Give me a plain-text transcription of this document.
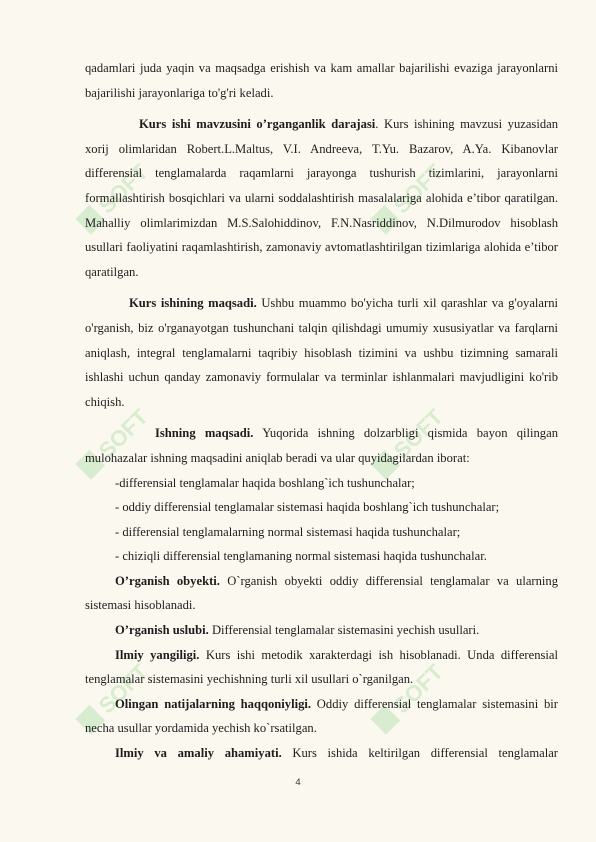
SOFT	SOFT
SOFT	SOFT
SOFT	SOFT

qadamlari juda yaqin va maqsadga erishish va kam amallar bajarilishi evaziga jarayonlarni bajarilishi jarayonlariga to'g'ri keladi.

Kurs ishi mavzusini o’rganganlik darajasi. Kurs ishining mavzusi yuzasidan xorij olimlaridan Robert.L.Maltus, V.I. Andreeva, T.Yu. Bazarov, A.Ya. Kibanovlar differensial tenglamalarda raqamlarni jarayonga tushurish tizimlarini, jarayonlarni formallashtirish bosqichlari va ularni soddalashtirish masalalariga alohida e’tibor qaratilgan. Mahalliy olimlarimizdan M.S.Salohiddinov, F.N.Nasriddinov, N.Dilmurodov hisoblash usullari faoliyatini raqamlashtirish, zamonaviy avtomatlashtirilgan tizimlariga alohida e’tibor qaratilgan.

Kurs ishining maqsadi. Ushbu muammo bo'yicha turli xil qarashlar va g'oyalarni o'rganish, biz o'rganayotgan tushunchani talqin qilishdagi umumiy xususiyatlar va farqlarni aniqlash, integral tenglamalarni taqribiy hisoblash tizimini va ushbu tizimning samarali ishlashi uchun qanday zamonaviy formulalar va terminlar ishlanmalari mavjudligini ko'rib chiqish.

Ishning maqsadi. Yuqorida ishning dolzarbligi qismida bayon qilingan mulohazalar ishning maqsadini aniqlab beradi va ular quyidagilardan iborat:

-differensial tenglamalar haqida boshlang`ich tushunchalar;

- oddiy differensial tenglamalar sistemasi haqida boshlang`ich tushunchalar;

- differensial tenglamalarning normal sistemasi haqida tushunchalar;

- chiziqli differensial tenglamaning normal sistemasi haqida tushunchalar.

O’rganish obyekti. O`rganish obyekti oddiy differensial tenglamalar va ularning sistemasi hisoblanadi.

O’rganish uslubi. Differensial tenglamalar sistemasini yechish usullari.

Ilmiy yangiligi. Kurs ishi metodik xarakterdagi ish hisoblanadi. Unda differensial tenglamalar sistemasini yechishning turli xil usullari o`rganilgan.

Olingan natijalarning haqqoniyligi. Oddiy differensial tenglamalar sistemasini bir necha usullar yordamida yechish ko`rsatilgan.

Ilmiy va amaliy ahamiyati. Kurs ishida keltirilgan differensial tenglamalar

4
